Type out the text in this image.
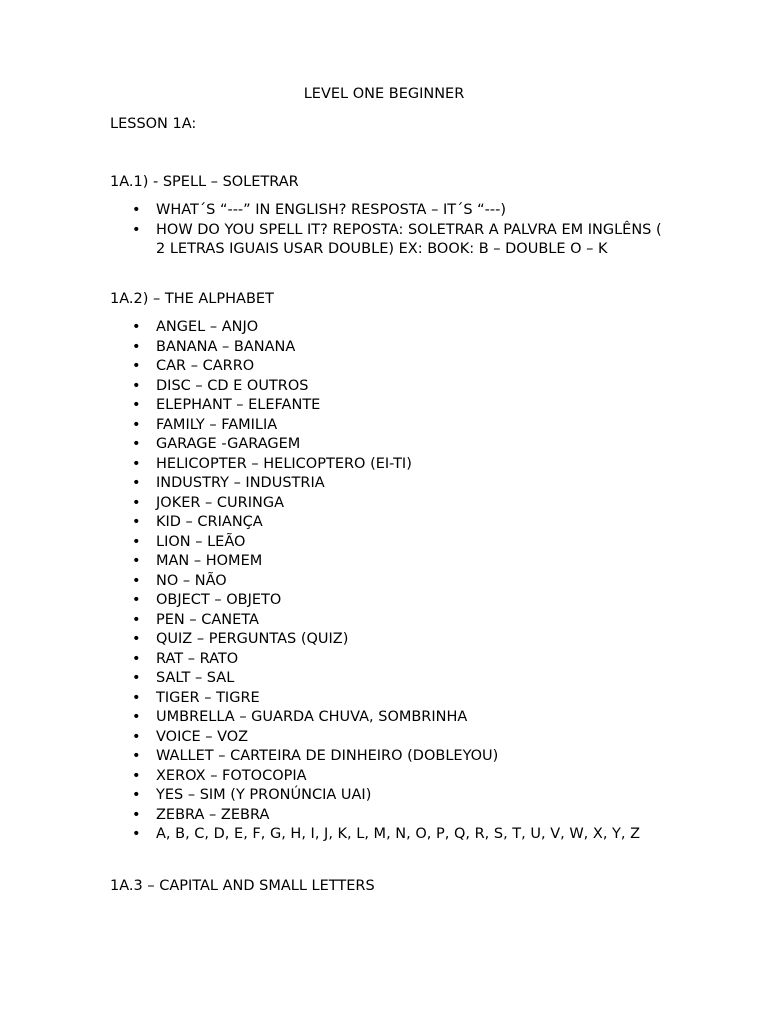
LEVEL ONE BEGINNER

LESSON 1A:

1A.1) - SPELL – SOLETRAR

• WHAT´S “---” IN ENGLISH? RESPOSTA – IT´S “---)
• HOW DO YOU SPELL IT? REPOSTA: SOLETRAR A PALVRA EM INGLÊNS ( 2 LETRAS IGUAIS USAR DOUBLE) EX: BOOK: B – DOUBLE O – K

1A.2) – THE ALPHABET

• ANGEL – ANJO
• BANANA – BANANA
• CAR – CARRO
• DISC – CD E OUTROS
• ELEPHANT – ELEFANTE
• FAMILY – FAMILIA
• GARAGE -GARAGEM
• HELICOPTER – HELICOPTERO (EI-TI)
• INDUSTRY – INDUSTRIA
• JOKER – CURINGA
• KID – CRIANÇA
• LION – LEÃO
• MAN – HOMEM
• NO – NÃO
• OBJECT – OBJETO
• PEN – CANETA
• QUIZ – PERGUNTAS (QUIZ)
• RAT – RATO
• SALT – SAL
• TIGER – TIGRE
• UMBRELLA – GUARDA CHUVA, SOMBRINHA
• VOICE – VOZ
• WALLET – CARTEIRA DE DINHEIRO (DOBLEYOU)
• XEROX – FOTOCOPIA
• YES – SIM (Y PRONÚNCIA UAI)
• ZEBRA – ZEBRA
• A, B, C, D, E, F, G, H, I, J, K, L, M, N, O, P, Q, R, S, T, U, V, W, X, Y, Z

1A.3 – CAPITAL AND SMALL LETTERS
